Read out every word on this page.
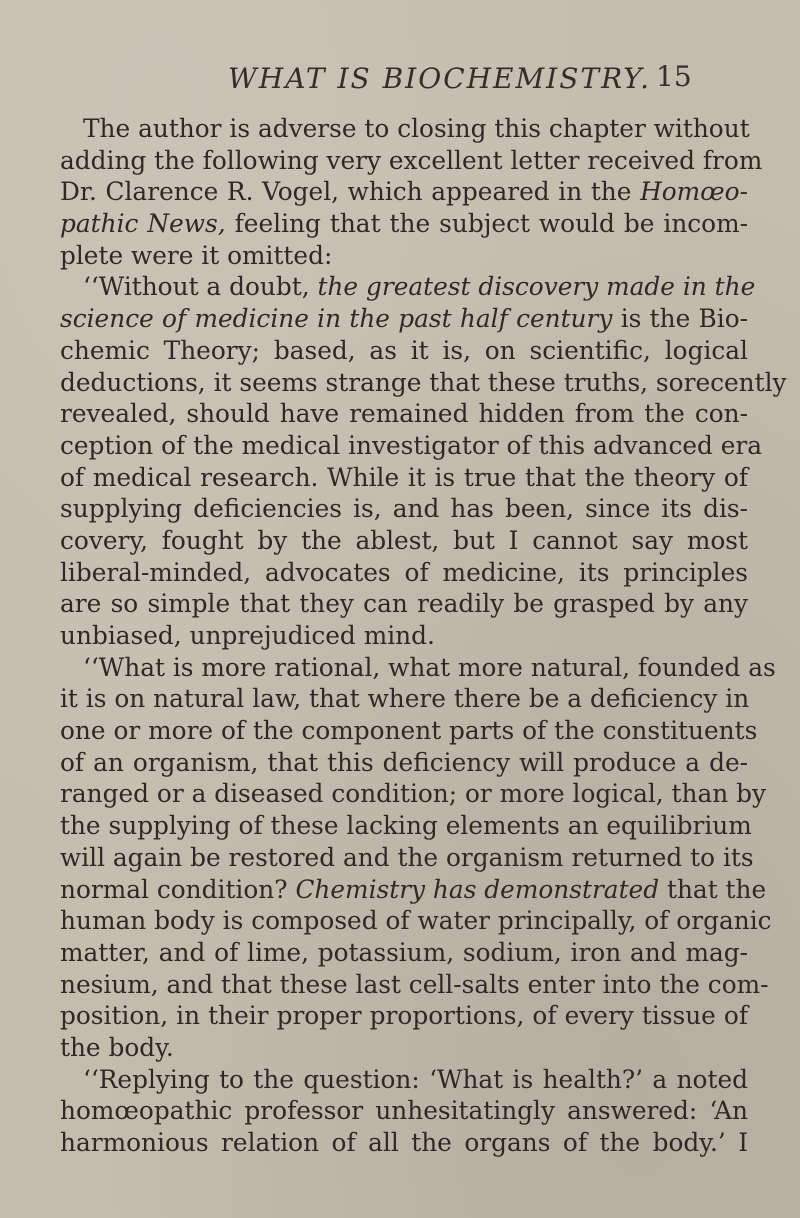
WHAT IS BIOCHEMISTRY. 15
The author is adverse to closing this chapter without
adding the following very excellent letter received from
Dr. Clarence R. Vogel, which appeared in the Homœo-
pathic News, feeling that the subject would be incom-
plete were it omitted:
‘‘Without a doubt, the greatest discovery made in the
science of medicine in the past half century is the Bio-
chemic Theory; based, as it is, on scientific, logical
deductions, it seems strange that these truths, sorecently
revealed, should have remained hidden from the con-
ception of the medical investigator of this advanced era
of medical research. While it is true that the theory of
supplying deficiencies is, and has been, since its dis-
covery, fought by the ablest, but I cannot say most
liberal-minded, advocates of medicine, its principles
are so simple that they can readily be grasped by any
unbiased, unprejudiced mind.
‘‘What is more rational, what more natural, founded as
it is on natural law, that where there be a deficiency in
one or more of the component parts of the constituents
of an organism, that this deficiency will produce a de-
ranged or a diseased condition; or more logical, than by
the supplying of these lacking elements an equilibrium
will again be restored and the organism returned to its
normal condition? Chemistry has demonstrated that the
human body is composed of water principally, of organic
matter, and of lime, potassium, sodium, iron and mag-
nesium, and that these last cell-salts enter into the com-
position, in their proper proportions, of every tissue of
the body.
‘‘Replying to the question: ‘What is health?’ a noted
homœopathic professor unhesitatingly answered: ‘An
harmonious relation of all the organs of the body.’ I
